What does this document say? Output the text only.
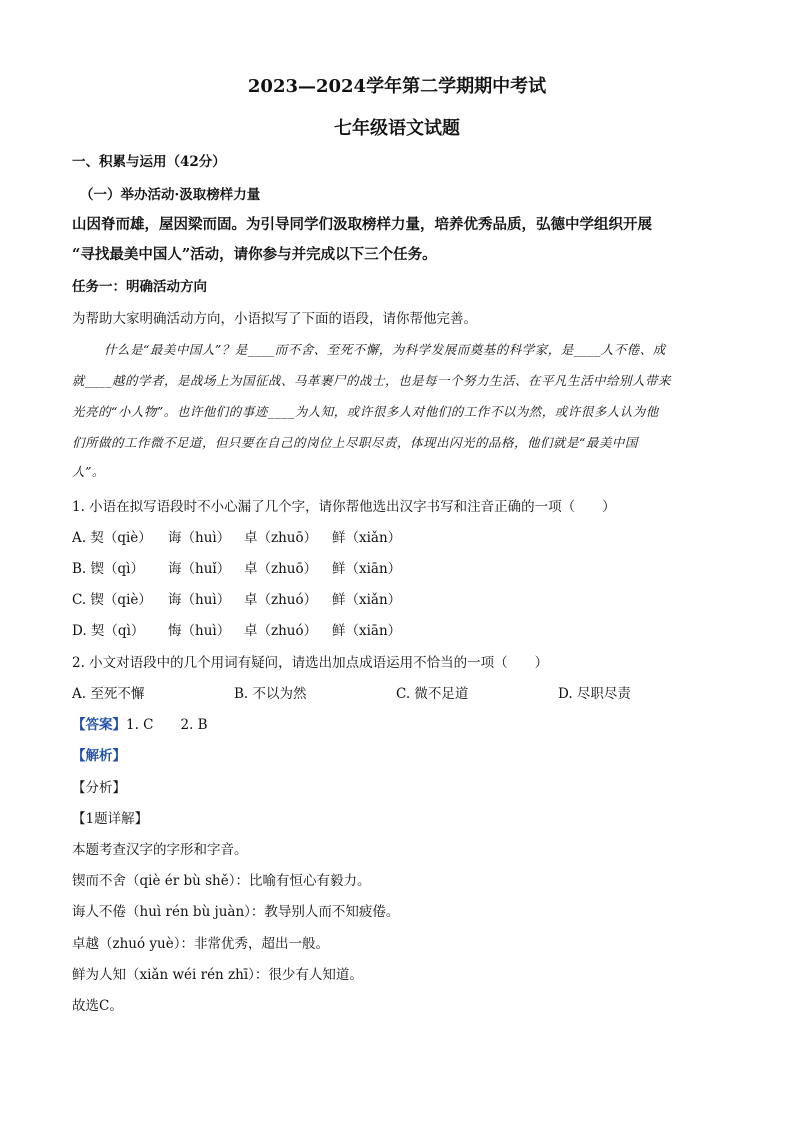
2023—2024学年第二学期期中考试
七年级语文试题
一、积累与运用（42分）
（一）举办活动·汲取榜样力量
山因脊而雄，屋因梁而固。为引导同学们汲取榜样力量，培养优秀品质，弘德中学组织开展
“寻找最美中国人”活动，请你参与并完成以下三个任务。
任务一：明确活动方向
为帮助大家明确活动方向，小语拟写了下面的语段，请你帮他完善。
什么是“最美中国人”？是____而不舍、至死不懈，为科学发展而奠基的科学家，是____人不倦、成
就____越的学者，是战场上为国征战、马革裹尸的战士，也是每一个努力生活、在平凡生活中给别人带来
光亮的“小人物”。也许他们的事迹____为人知，或许很多人对他们的工作不以为然，或许很多人认为他
们所做的工作微不足道，但只要在自己的岗位上尽职尽责，体现出闪光的品格，他们就是“最美中国
人”。
1. 小语在拟写语段时不小心漏了几个字，请你帮他选出汉字书写和注音正确的一项（　　）
A. 契（qiè） 诲（huì） 卓（zhuō） 鲜（xiǎn）
B. 锲（qì） 诲（huǐ） 卓（zhuō） 鲜（xiān）
C. 锲（qiè） 诲（huì） 卓（zhuó） 鲜（xiǎn）
D. 契（qì） 悔（huì） 卓（zhuó） 鲜（xiān）
2. 小文对语段中的几个用词有疑问，请选出加点成语运用不恰当的一项（　　）
A. 至死不懈	B. 不以为然	C. 微不足道	D. 尽职尽责
【答案】1. C　　2. B
【解析】
【分析】
【1题详解】
本题考查汉字的字形和字音。
锲而不舍（qiè ér bù shě）：比喻有恒心有毅力。
诲人不倦（huì rén bù juàn）：教导别人而不知疲倦。
卓越（zhuó yuè）：非常优秀，超出一般。
鲜为人知（xiǎn wéi rén zhī）：很少有人知道。
故选C。
